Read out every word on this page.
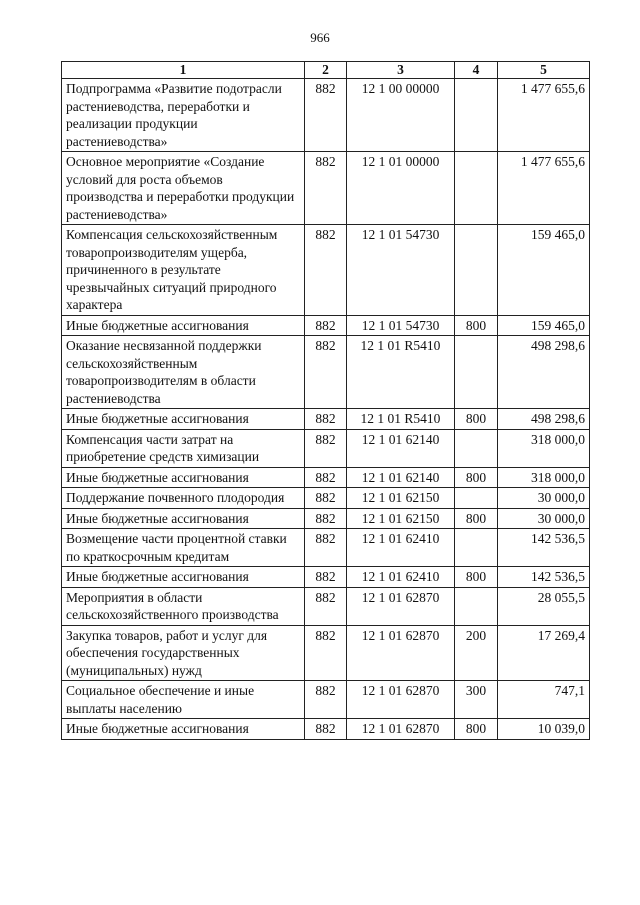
966
1	2	3	4	5
Подпрограмма «Развитие подотрасли растениеводства, переработки и реализации продукции растениеводства»	882	12 1 00 00000		1 477 655,6
Основное мероприятие «Создание условий для роста объемов производства и переработки продукции растениеводства»	882	12 1 01 00000		1 477 655,6
Компенсация сельскохозяйственным товаропроизводителям ущерба, причиненного в результате чрезвычайных ситуаций природного характера	882	12 1 01 54730		159 465,0
Иные бюджетные ассигнования	882	12 1 01 54730	800	159 465,0
Оказание несвязанной поддержки сельскохозяйственным товаропроизводителям в области растениеводства	882	12 1 01 R5410		498 298,6
Иные бюджетные ассигнования	882	12 1 01 R5410	800	498 298,6
Компенсация части затрат на приобретение средств химизации	882	12 1 01 62140		318 000,0
Иные бюджетные ассигнования	882	12 1 01 62140	800	318 000,0
Поддержание почвенного плодородия	882	12 1 01 62150		30 000,0
Иные бюджетные ассигнования	882	12 1 01 62150	800	30 000,0
Возмещение части процентной ставки по краткосрочным кредитам	882	12 1 01 62410		142 536,5
Иные бюджетные ассигнования	882	12 1 01 62410	800	142 536,5
Мероприятия в области сельскохозяйственного производства	882	12 1 01 62870		28 055,5
Закупка товаров, работ и услуг для обеспечения государственных (муниципальных) нужд	882	12 1 01 62870	200	17 269,4
Социальное обеспечение и иные выплаты населению	882	12 1 01 62870	300	747,1
Иные бюджетные ассигнования	882	12 1 01 62870	800	10 039,0
